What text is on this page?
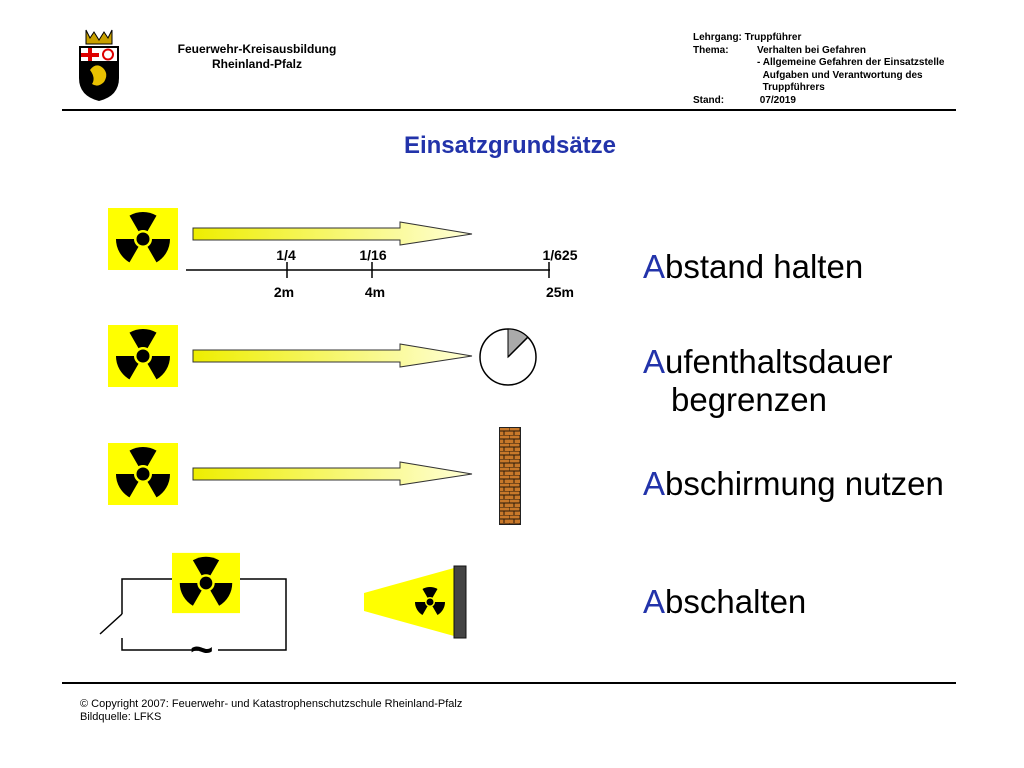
Feuerwehr-Kreisausbildung
Rheinland-Pfalz
Lehrgang: Truppführer
Thema:	Verhalten bei Gefahren
- Allgemeine Gefahren der Einsatzstelle
Aufgaben und Verantwortung des
Truppführers
Stand:	07/2019
Einsatzgrundsätze
1/4	1/16	1/625
2m	4m	25m
Abstand halten
Aufenthaltsdauer
begrenzen
Abschirmung nutzen
~
Abschalten
© Copyright 2007: Feuerwehr- und Katastrophenschutzschule Rheinland-Pfalz
Bildquelle: LFKS
